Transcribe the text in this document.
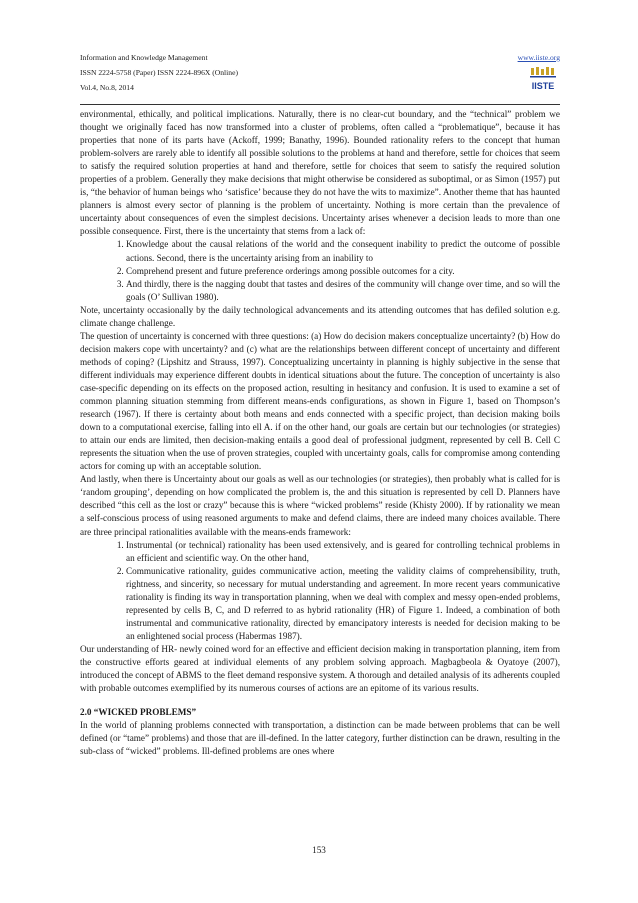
Information and Knowledge Management
ISSN 2224-5758 (Paper) ISSN 2224-896X (Online)
Vol.4, No.8, 2014
www.iiste.org
IISTE

environmental, ethically, and political implications. Naturally, there is no clear-cut boundary, and the “technical” problem we thought we originally faced has now transformed into a cluster of problems, often called a “problematique”, because it has properties that none of its parts have (Ackoff, 1999; Banathy, 1996). Bounded rationality refers to the concept that human problem-solvers are rarely able to identify all possible solutions to the problems at hand and therefore, settle for choices that seem to satisfy the required solution properties at hand and therefore, settle for choices that seem to satisfy the required solution properties of a problem. Generally they make decisions that might otherwise be considered as suboptimal, or as Simon (1957) put is, “the behavior of human beings who ‘satisfice’ because they do not have the wits to maximize”. Another theme that has haunted planners is almost every sector of planning is the problem of uncertainty. Nothing is more certain than the prevalence of uncertainty about consequences of even the simplest decisions. Uncertainty arises whenever a decision leads to more than one possible consequence. First, there is the uncertainty that stems from a lack of:

1. Knowledge about the causal relations of the world and the consequent inability to predict the outcome of possible actions. Second, there is the uncertainty arising from an inability to
2. Comprehend present and future preference orderings among possible outcomes for a city.
3. And thirdly, there is the nagging doubt that tastes and desires of the community will change over time, and so will the goals (O’ Sullivan 1980).

Note, uncertainty occasionally by the daily technological advancements and its attending outcomes that has defiled solution e.g. climate change challenge.

The question of uncertainty is concerned with three questions: (a) How do decision makers conceptualize uncertainty? (b) How do decision makers cope with uncertainty? and (c) what are the relationships between different concept of uncertainty and different methods of coping? (Lipshitz and Strauss, 1997). Conceptualizing uncertainty in planning is highly subjective in the sense that different individuals may experience different doubts in identical situations about the future. The conception of uncertainty is also case-specific depending on its effects on the proposed action, resulting in hesitancy and confusion. It is used to examine a set of common planning situation stemming from different means-ends configurations, as shown in Figure 1, based on Thompson’s research (1967). If there is certainty about both means and ends connected with a specific project, than decision making boils down to a computational exercise, falling into ell A. if on the other hand, our goals are certain but our technologies (or strategies) to attain our ends are limited, then decision-making entails a good deal of professional judgment, represented by cell B. Cell C represents the situation when the use of proven strategies, coupled with uncertainty goals, calls for compromise among contending actors for coming up with an acceptable solution.

And lastly, when there is Uncertainty about our goals as well as our technologies (or strategies), then probably what is called for is ‘random grouping’, depending on how complicated the problem is, the and this situation is represented by cell D. Planners have described “this cell as the lost or crazy” because this is where “wicked problems” reside (Khisty 2000). If by rationality we mean a self-conscious process of using reasoned arguments to make and defend claims, there are indeed many choices available. There are three principal rationalities available with the means-ends framework:

1. Instrumental (or technical) rationality has been used extensively, and is geared for controlling technical problems in an efficient and scientific way. On the other hand,
2. Communicative rationality, guides communicative action, meeting the validity claims of comprehensibility, truth, rightness, and sincerity, so necessary for mutual understanding and agreement. In more recent years communicative rationality is finding its way in transportation planning, when we deal with complex and messy open-ended problems, represented by cells B, C, and D referred to as hybrid rationality (HR) of Figure 1. Indeed, a combination of both instrumental and communicative rationality, directed by emancipatory interests is needed for decision making to be an enlightened social process (Habermas 1987).

Our understanding of HR- newly coined word for an effective and efficient decision making in transportation planning, item from the constructive efforts geared at individual elements of any problem solving approach. Magbagbeola & Oyatoye (2007), introduced the concept of ABMS to the fleet demand responsive system. A thorough and detailed analysis of its adherents coupled with probable outcomes exemplified by its numerous courses of actions are an epitome of its various results.

2.0 “WICKED PROBLEMS”

In the world of planning problems connected with transportation, a distinction can be made between problems that can be well defined (or “tame” problems) and those that are ill-defined. In the latter category, further distinction can be drawn, resulting in the sub-class of “wicked” problems. Ill-defined problems are ones where

153
